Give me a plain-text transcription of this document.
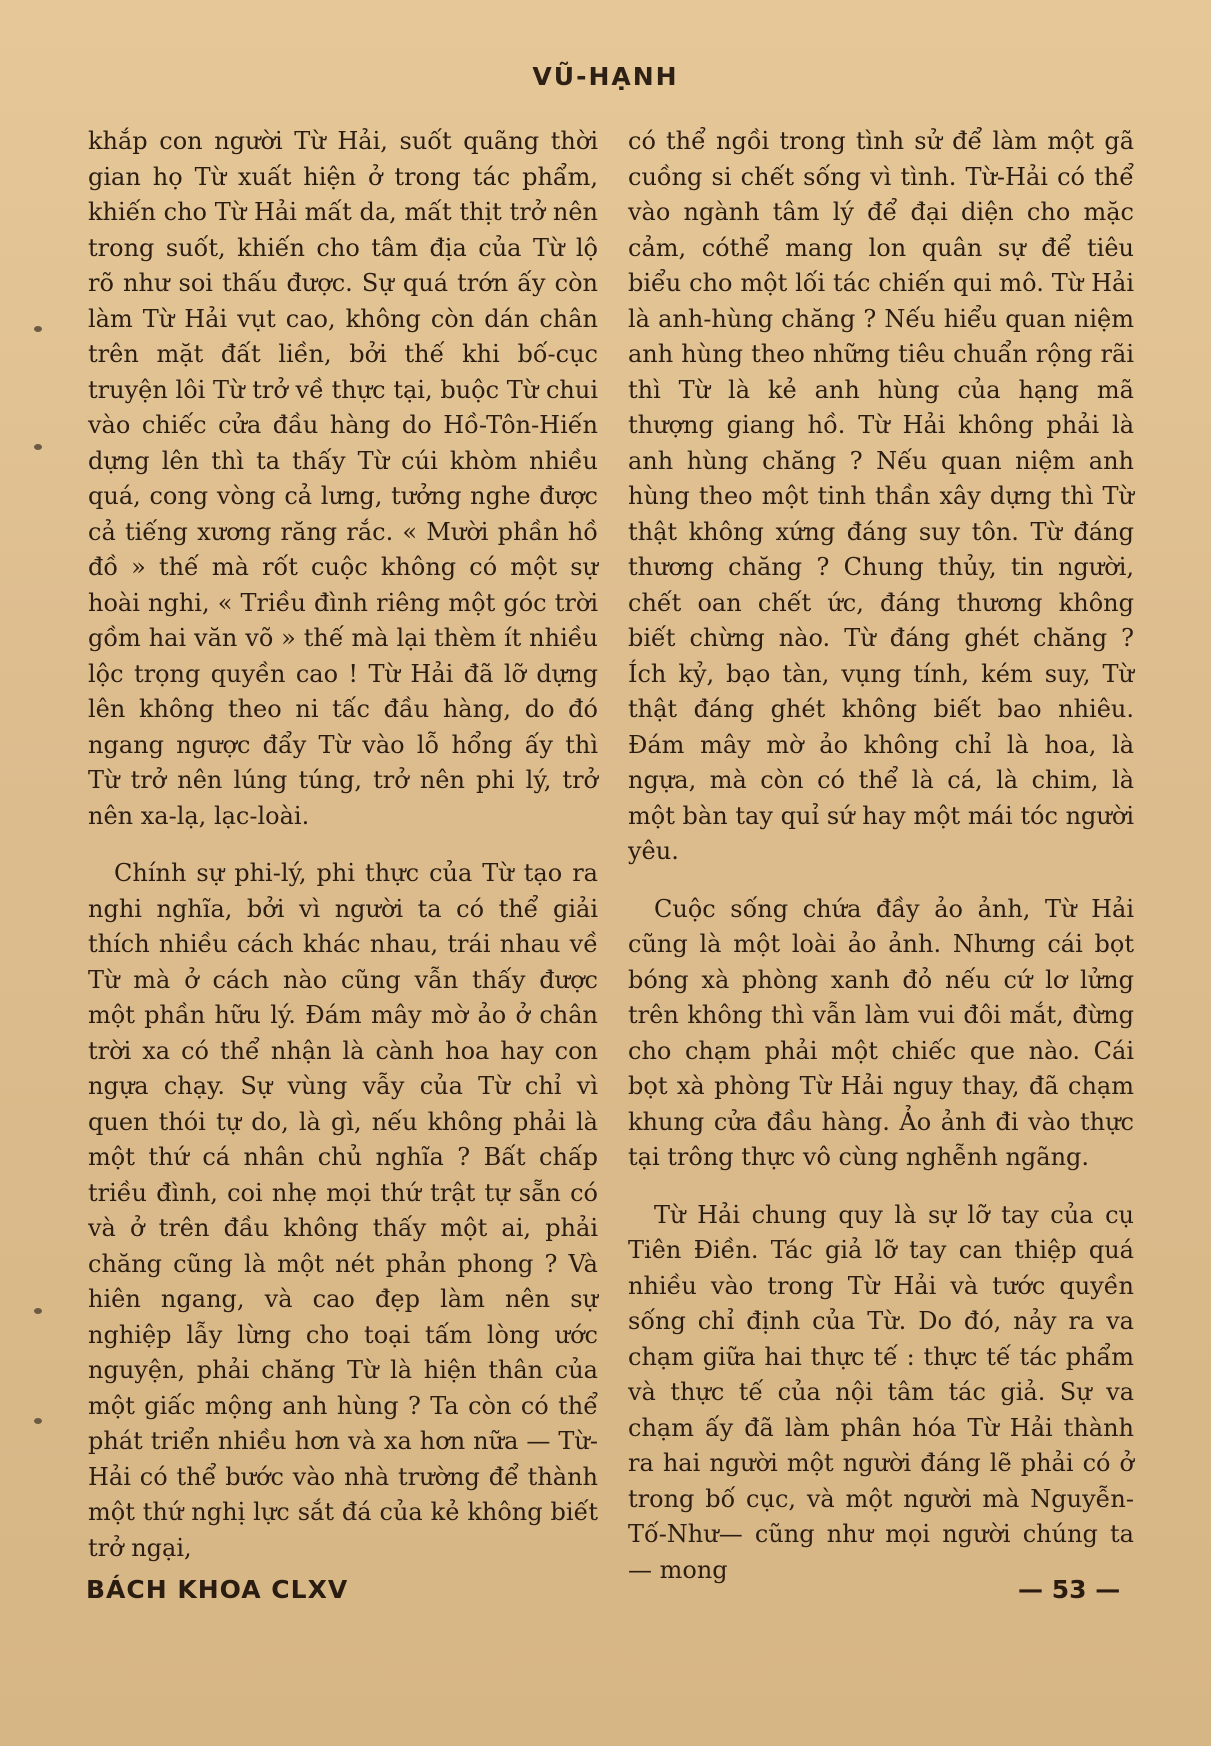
VŨ-HẠNH

khắp con người Từ Hải, suốt quãng thời gian họ Từ xuất hiện ở trong tác phẩm, khiến cho Từ Hải mất da, mất thịt trở nên trong suốt, khiến cho tâm địa của Từ lộ rõ như soi thấu được. Sự quá trớn ấy còn làm Từ Hải vụt cao, không còn dán chân trên mặt đất liền, bởi thế khi bố-cục truyện lôi Từ trở về thực tại, buộc Từ chui vào chiếc cửa đầu hàng do Hồ-Tôn-Hiến dựng lên thì ta thấy Từ cúi khòm nhiều quá, cong vòng cả lưng, tưởng nghe được cả tiếng xương răng rắc. « Mười phần hồ đồ » thế mà rốt cuộc không có một sự hoài nghi, « Triều đình riêng một góc trời gồm hai văn võ » thế mà lại thèm ít nhiều lộc trọng quyền cao ! Từ Hải đã lỡ dựng lên không theo ni tấc đầu hàng, do đó ngang ngược đẩy Từ vào lỗ hổng ấy thì Từ trở nên lúng túng, trở nên phi lý, trở nên xa-lạ, lạc-loài.

Chính sự phi-lý, phi thực của Từ tạo ra nghi nghĩa, bởi vì người ta có thể giải thích nhiều cách khác nhau, trái nhau về Từ mà ở cách nào cũng vẫn thấy được một phần hữu lý. Đám mây mờ ảo ở chân trời xa có thể nhận là cành hoa hay con ngựa chạy. Sự vùng vẫy của Từ chỉ vì quen thói tự do, là gì, nếu không phải là một thứ cá nhân chủ nghĩa ? Bất chấp triều đình, coi nhẹ mọi thứ trật tự sẵn có và ở trên đầu không thấy một ai, phải chăng cũng là một nét phản phong ? Và hiên ngang, và cao đẹp làm nên sự nghiệp lẫy lừng cho toại tấm lòng ước nguyện, phải chăng Từ là hiện thân của một giấc mộng anh hùng ? Ta còn có thể phát triển nhiều hơn và xa hơn nữa — Từ-Hải có thể bước vào nhà trường để thành một thứ nghị lực sắt đá của kẻ không biết trở ngại,

có thể ngồi trong tình sử để làm một gã cuồng si chết sống vì tình. Từ-Hải có thể vào ngành tâm lý để đại diện cho mặc cảm, cóthể mang lon quân sự để tiêu biểu cho một lối tác chiến qui mô. Từ Hải là anh-hùng chăng ? Nếu hiểu quan niệm anh hùng theo những tiêu chuẩn rộng rãi thì Từ là kẻ anh hùng của hạng mã thượng giang hồ. Từ Hải không phải là anh hùng chăng ? Nếu quan niệm anh hùng theo một tinh thần xây dựng thì Từ thật không xứng đáng suy tôn. Từ đáng thương chăng ? Chung thủy, tin người, chết oan chết ức, đáng thương không biết chừng nào. Từ đáng ghét chăng ? Ích kỷ, bạo tàn, vụng tính, kém suy, Từ thật đáng ghét không biết bao nhiêu. Đám mây mờ ảo không chỉ là hoa, là ngựa, mà còn có thể là cá, là chim, là một bàn tay quỉ sứ hay một mái tóc người yêu.

Cuộc sống chứa đầy ảo ảnh, Từ Hải cũng là một loài ảo ảnh. Nhưng cái bọt bóng xà phòng xanh đỏ nếu cứ lơ lửng trên không thì vẫn làm vui đôi mắt, đừng cho chạm phải một chiếc que nào. Cái bọt xà phòng Từ Hải nguy thay, đã chạm khung cửa đầu hàng. Ảo ảnh đi vào thực tại trông thực vô cùng nghễnh ngãng.

Từ Hải chung quy là sự lỡ tay của cụ Tiên Điền. Tác giả lỡ tay can thiệp quá nhiều vào trong Từ Hải và tước quyền sống chỉ định của Từ. Do đó, nảy ra va chạm giữa hai thực tế : thực tế tác phẩm và thực tế của nội tâm tác giả. Sự va chạm ấy đã làm phân hóa Từ Hải thành ra hai người một người đáng lẽ phải có ở trong bố cục, và một người mà Nguyễn-Tố-Như— cũng như mọi người chúng ta — mong

BÁCH KHOA CLXV	— 53 —
